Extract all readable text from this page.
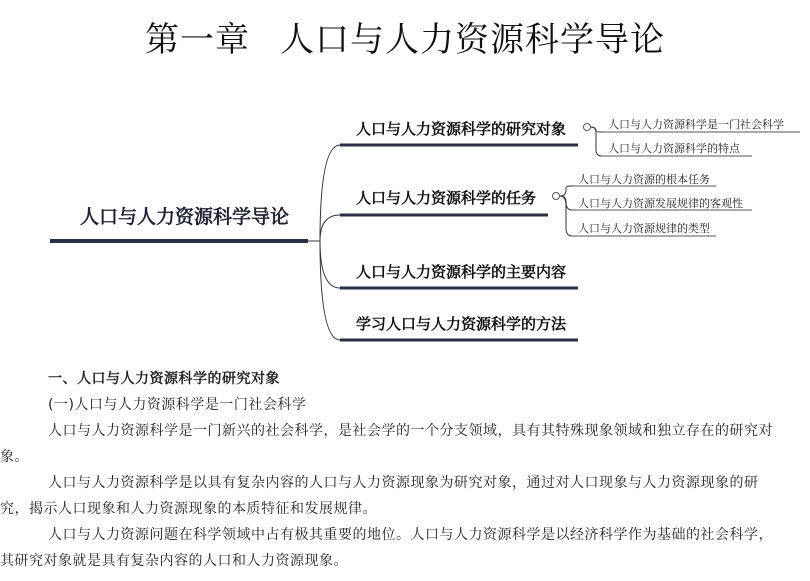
第一章 人口与人力资源科学导论
人口与人力资源科学导论
人口与人力资源科学的研究对象
人口与人力资源科学的任务
人口与人力资源科学的主要内容
学习人口与人力资源科学的方法
人口与人力资源科学是一门社会科学
人口与人力资源科学的特点
人口与人力资源的根本任务
人口与人力资源发展规律的客观性
人口与人力资源规律的类型

一、人口与人力资源科学的研究对象

(一)人口与人力资源科学是一门社会科学

人口与人力资源科学是一门新兴的社会科学，是社会学的一个分支领域，具有其特殊现象领域和独立存在的研究对象。

人口与人力资源科学是以具有复杂内容的人口与人力资源现象为研究对象，通过对人口现象与人力资源现象的研究，揭示人口现象和人力资源现象的本质特征和发展规律。

人口与人力资源问题在科学领域中占有极其重要的地位。人口与人力资源科学是以经济科学作为基础的社会科学，其研究对象就是具有复杂内容的人口和人力资源现象。
